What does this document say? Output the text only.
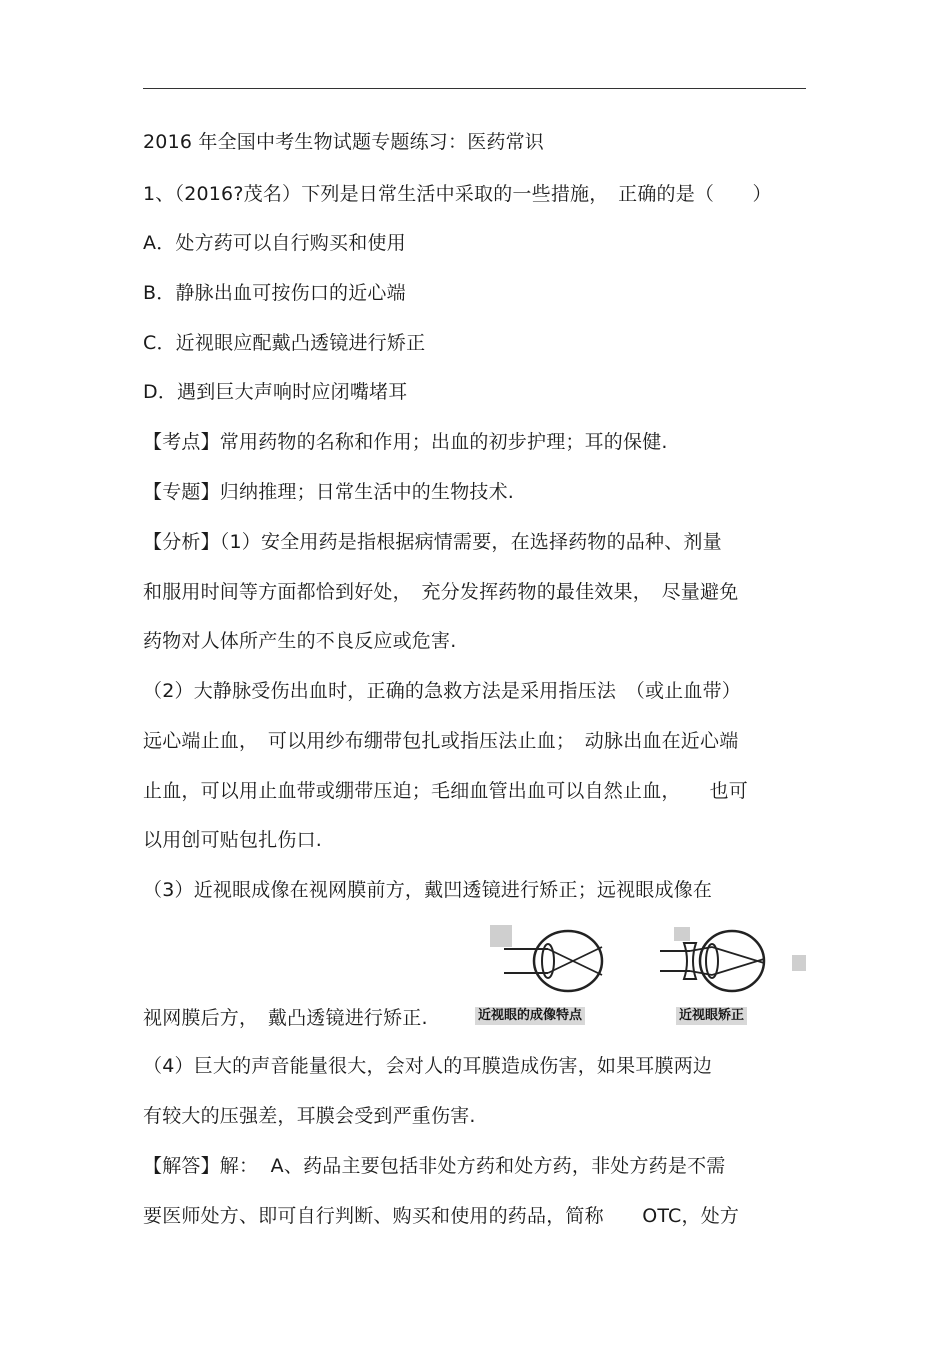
2016 年全国中考生物试题专题练习：医药常识
1、（2016?茂名）下列是日常生活中采取的一些措施，　正确的是（　　）
A．处方药可以自行购买和使用
B．静脉出血可按伤口的近心端
C．近视眼应配戴凸透镜进行矫正
D．遇到巨大声响时应闭嘴堵耳
【考点】常用药物的名称和作用；出血的初步护理；耳的保健.
【专题】归纳推理；日常生活中的生物技术.
【分析】（1）安全用药是指根据病情需要，在选择药物的品种、剂量
和服用时间等方面都恰到好处，　充分发挥药物的最佳效果，　尽量避免
药物对人体所产生的不良反应或危害.
（2）大静脉受伤出血时，正确的急救方法是采用指压法　（或止血带）
远心端止血，　可以用纱布绷带包扎或指压法止血；　动脉出血在近心端
止血，可以用止血带或绷带压迫；毛细血管出血可以自然止血，　　也可
以用创可贴包扎伤口.
（3）近视眼成像在视网膜前方，戴凹透镜进行矫正；远视眼成像在
视网膜后方，　戴凸透镜进行矫正.	近视眼的成像特点	近视眼矫正
（4）巨大的声音能量很大，会对人的耳膜造成伤害，如果耳膜两边
有较大的压强差，耳膜会受到严重伤害.
【解答】解：  A、药品主要包括非处方药和处方药，非处方药是不需
要医师处方、即可自行判断、购买和使用的药品，简称　　OTC，处方
